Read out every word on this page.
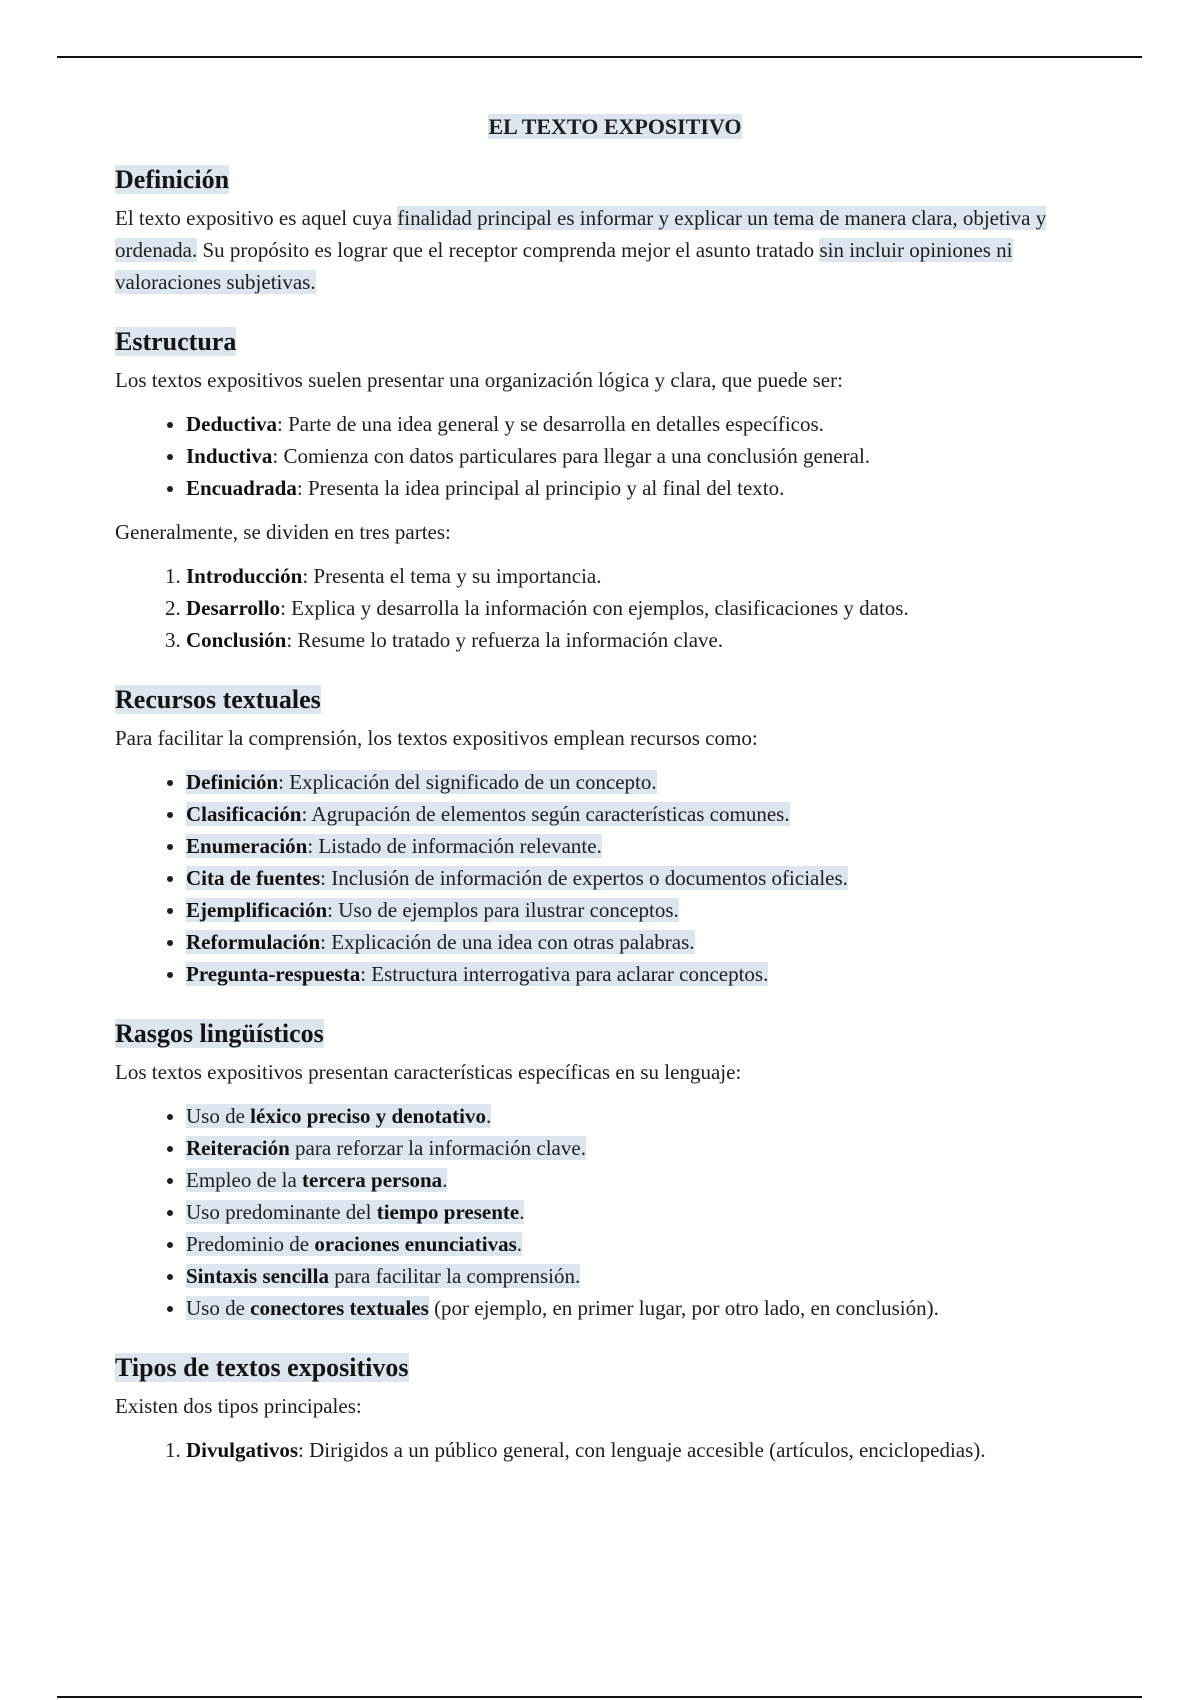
EL TEXTO EXPOSITIVO
Definición

El texto expositivo es aquel cuya finalidad principal es informar y explicar un tema de manera clara, objetiva y ordenada. Su propósito es lograr que el receptor comprenda mejor el asunto tratado sin incluir opiniones ni valoraciones subjetivas.

Estructura

Los textos expositivos suelen presentar una organización lógica y clara, que puede ser:

• Deductiva: Parte de una idea general y se desarrolla en detalles específicos.
• Inductiva: Comienza con datos particulares para llegar a una conclusión general.
• Encuadrada: Presenta la idea principal al principio y al final del texto.

Generalmente, se dividen en tres partes:

1. Introducción: Presenta el tema y su importancia.
2. Desarrollo: Explica y desarrolla la información con ejemplos, clasificaciones y datos.
3. Conclusión: Resume lo tratado y refuerza la información clave.
Recursos textuales

Para facilitar la comprensión, los textos expositivos emplean recursos como:

• Definición: Explicación del significado de un concepto.
• Clasificación: Agrupación de elementos según características comunes.
• Enumeración: Listado de información relevante.
• Cita de fuentes: Inclusión de información de expertos o documentos oficiales.
• Ejemplificación: Uso de ejemplos para ilustrar conceptos.
• Reformulación: Explicación de una idea con otras palabras.
• Pregunta-respuesta: Estructura interrogativa para aclarar conceptos.
Rasgos lingüísticos

Los textos expositivos presentan características específicas en su lenguaje:

• Uso de léxico preciso y denotativo.
• Reiteración para reforzar la información clave.
• Empleo de la tercera persona.
• Uso predominante del tiempo presente.
• Predominio de oraciones enunciativas.
• Sintaxis sencilla para facilitar la comprensión.
• Uso de conectores textuales (por ejemplo, en primer lugar, por otro lado, en conclusión).
Tipos de textos expositivos

Existen dos tipos principales:

1. Divulgativos: Dirigidos a un público general, con lenguaje accesible (artículos, enciclopedias).
